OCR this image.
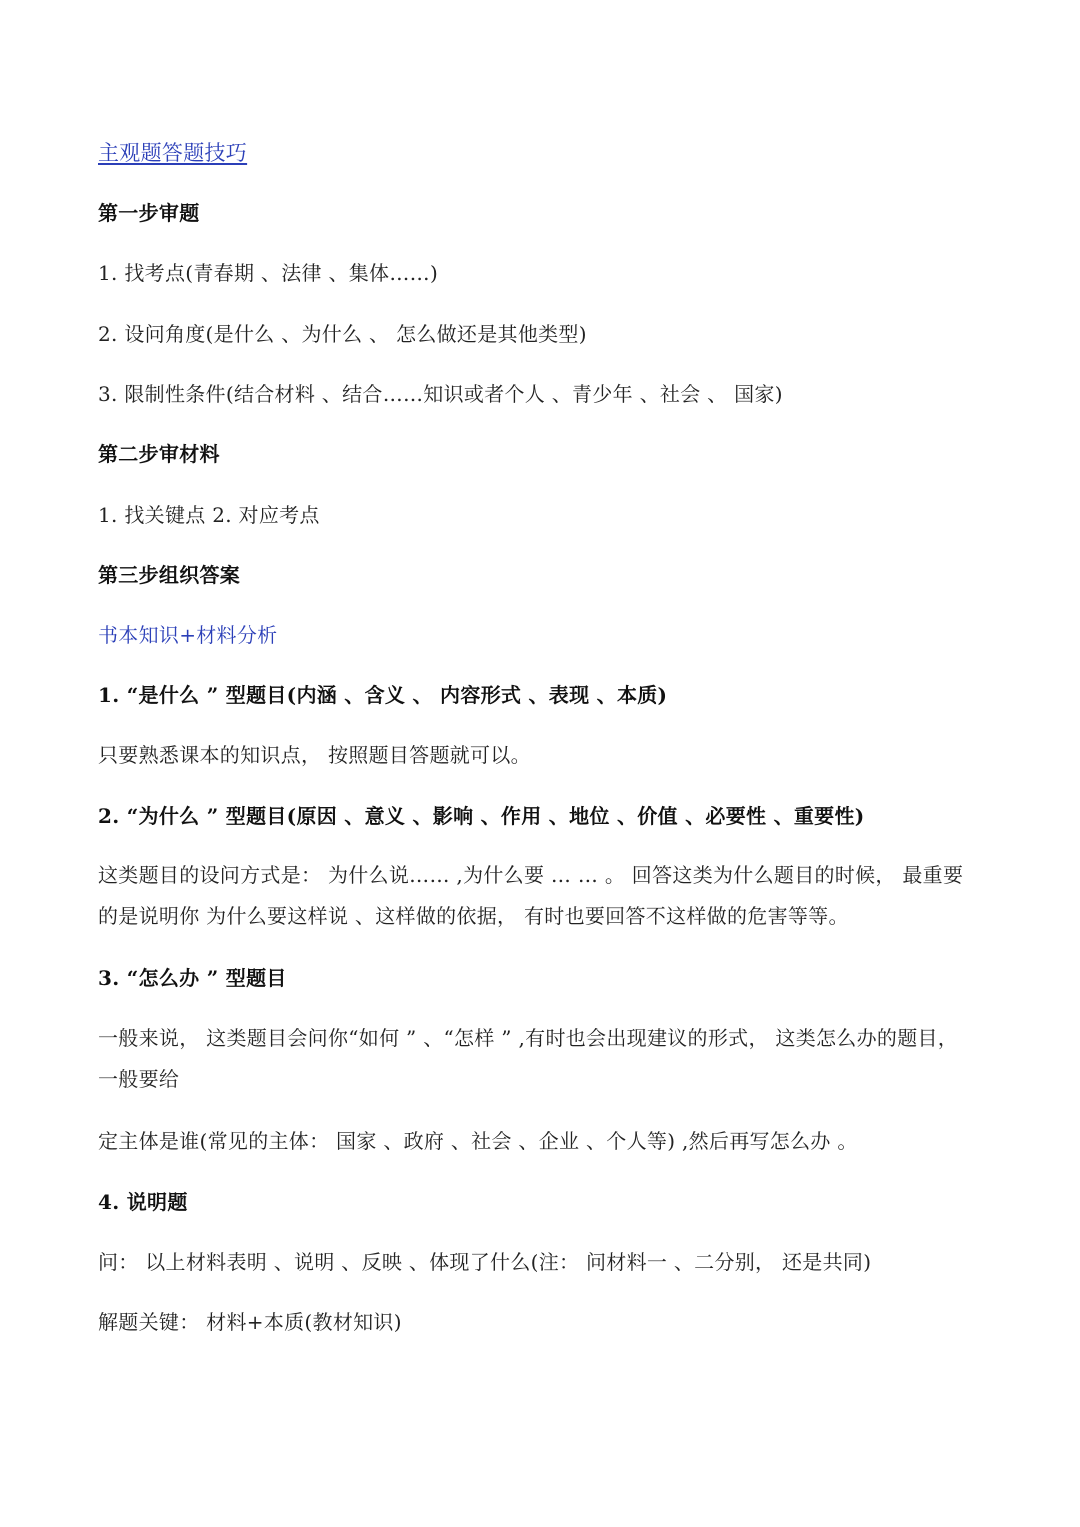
主观题答题技巧
第一步审题
1. 找考点(青春期 、法律 、集体……)
2. 设问角度(是什么 、为什么 、 怎么做还是其他类型)
3. 限制性条件(结合材料 、结合……知识或者个人 、青少年 、社会 、 国家)
第二步审材料
1. 找关键点 2. 对应考点
第三步组织答案
书本知识+材料分析
1. “是什么 ” 型题目(内涵 、含义 、 内容形式 、表现 、本质)
只要熟悉课本的知识点， 按照题目答题就可以。
2. “为什么 ” 型题目(原因 、意义 、影响 、作用 、地位 、价值 、必要性 、重要性)
这类题目的设问方式是： 为什么说…… ,为什么要 … … 。 回答这类为什么题目的时候， 最重要的是说明你 为什么要这样说 、这样做的依据， 有时也要回答不这样做的危害等等。
3. “怎么办 ” 型题目
一般来说， 这类题目会问你“如何 ” 、“怎样 ” ,有时也会出现建议的形式， 这类怎么办的题目， 一般要给
定主体是谁(常见的主体： 国家 、政府 、社会 、企业 、个人等) ,然后再写怎么办 。
4. 说明题
问： 以上材料表明 、说明 、反映 、体现了什么(注： 问材料一 、二分别， 还是共同)
解题关键： 材料+本质(教材知识)
